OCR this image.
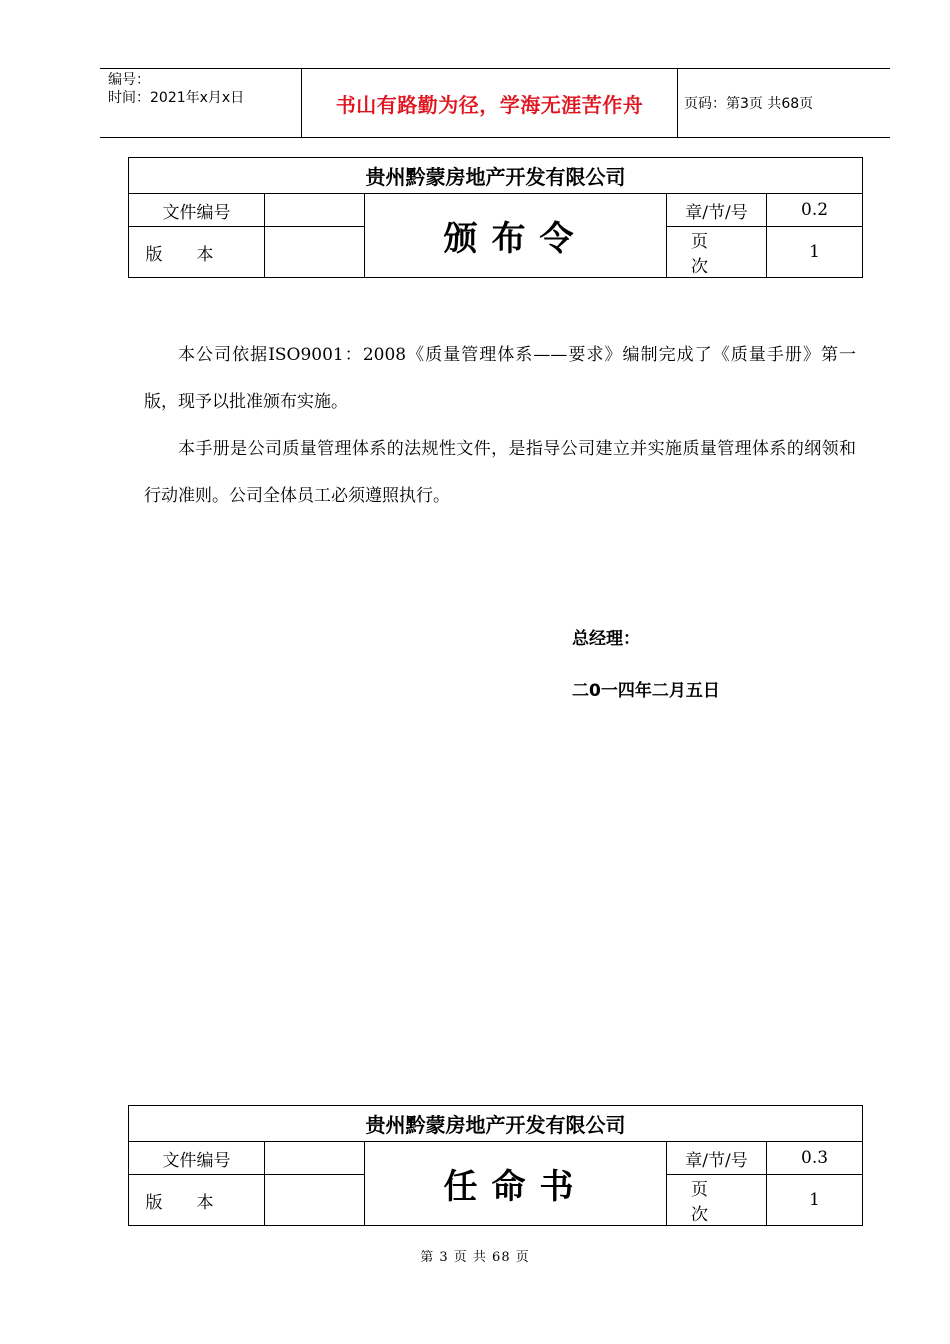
编号：
时间：2021年x月x日	书山有路勤为径，学海无涯苦作舟	页码：第3页 共68页
贵州黔蒙房地产开发有限公司				
文件编号		颁布令	章/节/号	0.2
版本			页次	1

本公司依据ISO9001：2008《质量管理体系——要求》编制完成了《质量手册》第一版，现予以批准颁布实施。

本手册是公司质量管理体系的法规性文件，是指导公司建立并实施质量管理体系的纲领和行动准则。公司全体员工必须遵照执行。

总经理：
二0一四年二月五日
贵州黔蒙房地产开发有限公司				
文件编号		任命书	章/节/号	0.3
版本			页次	1
第 3 页 共 68 页
